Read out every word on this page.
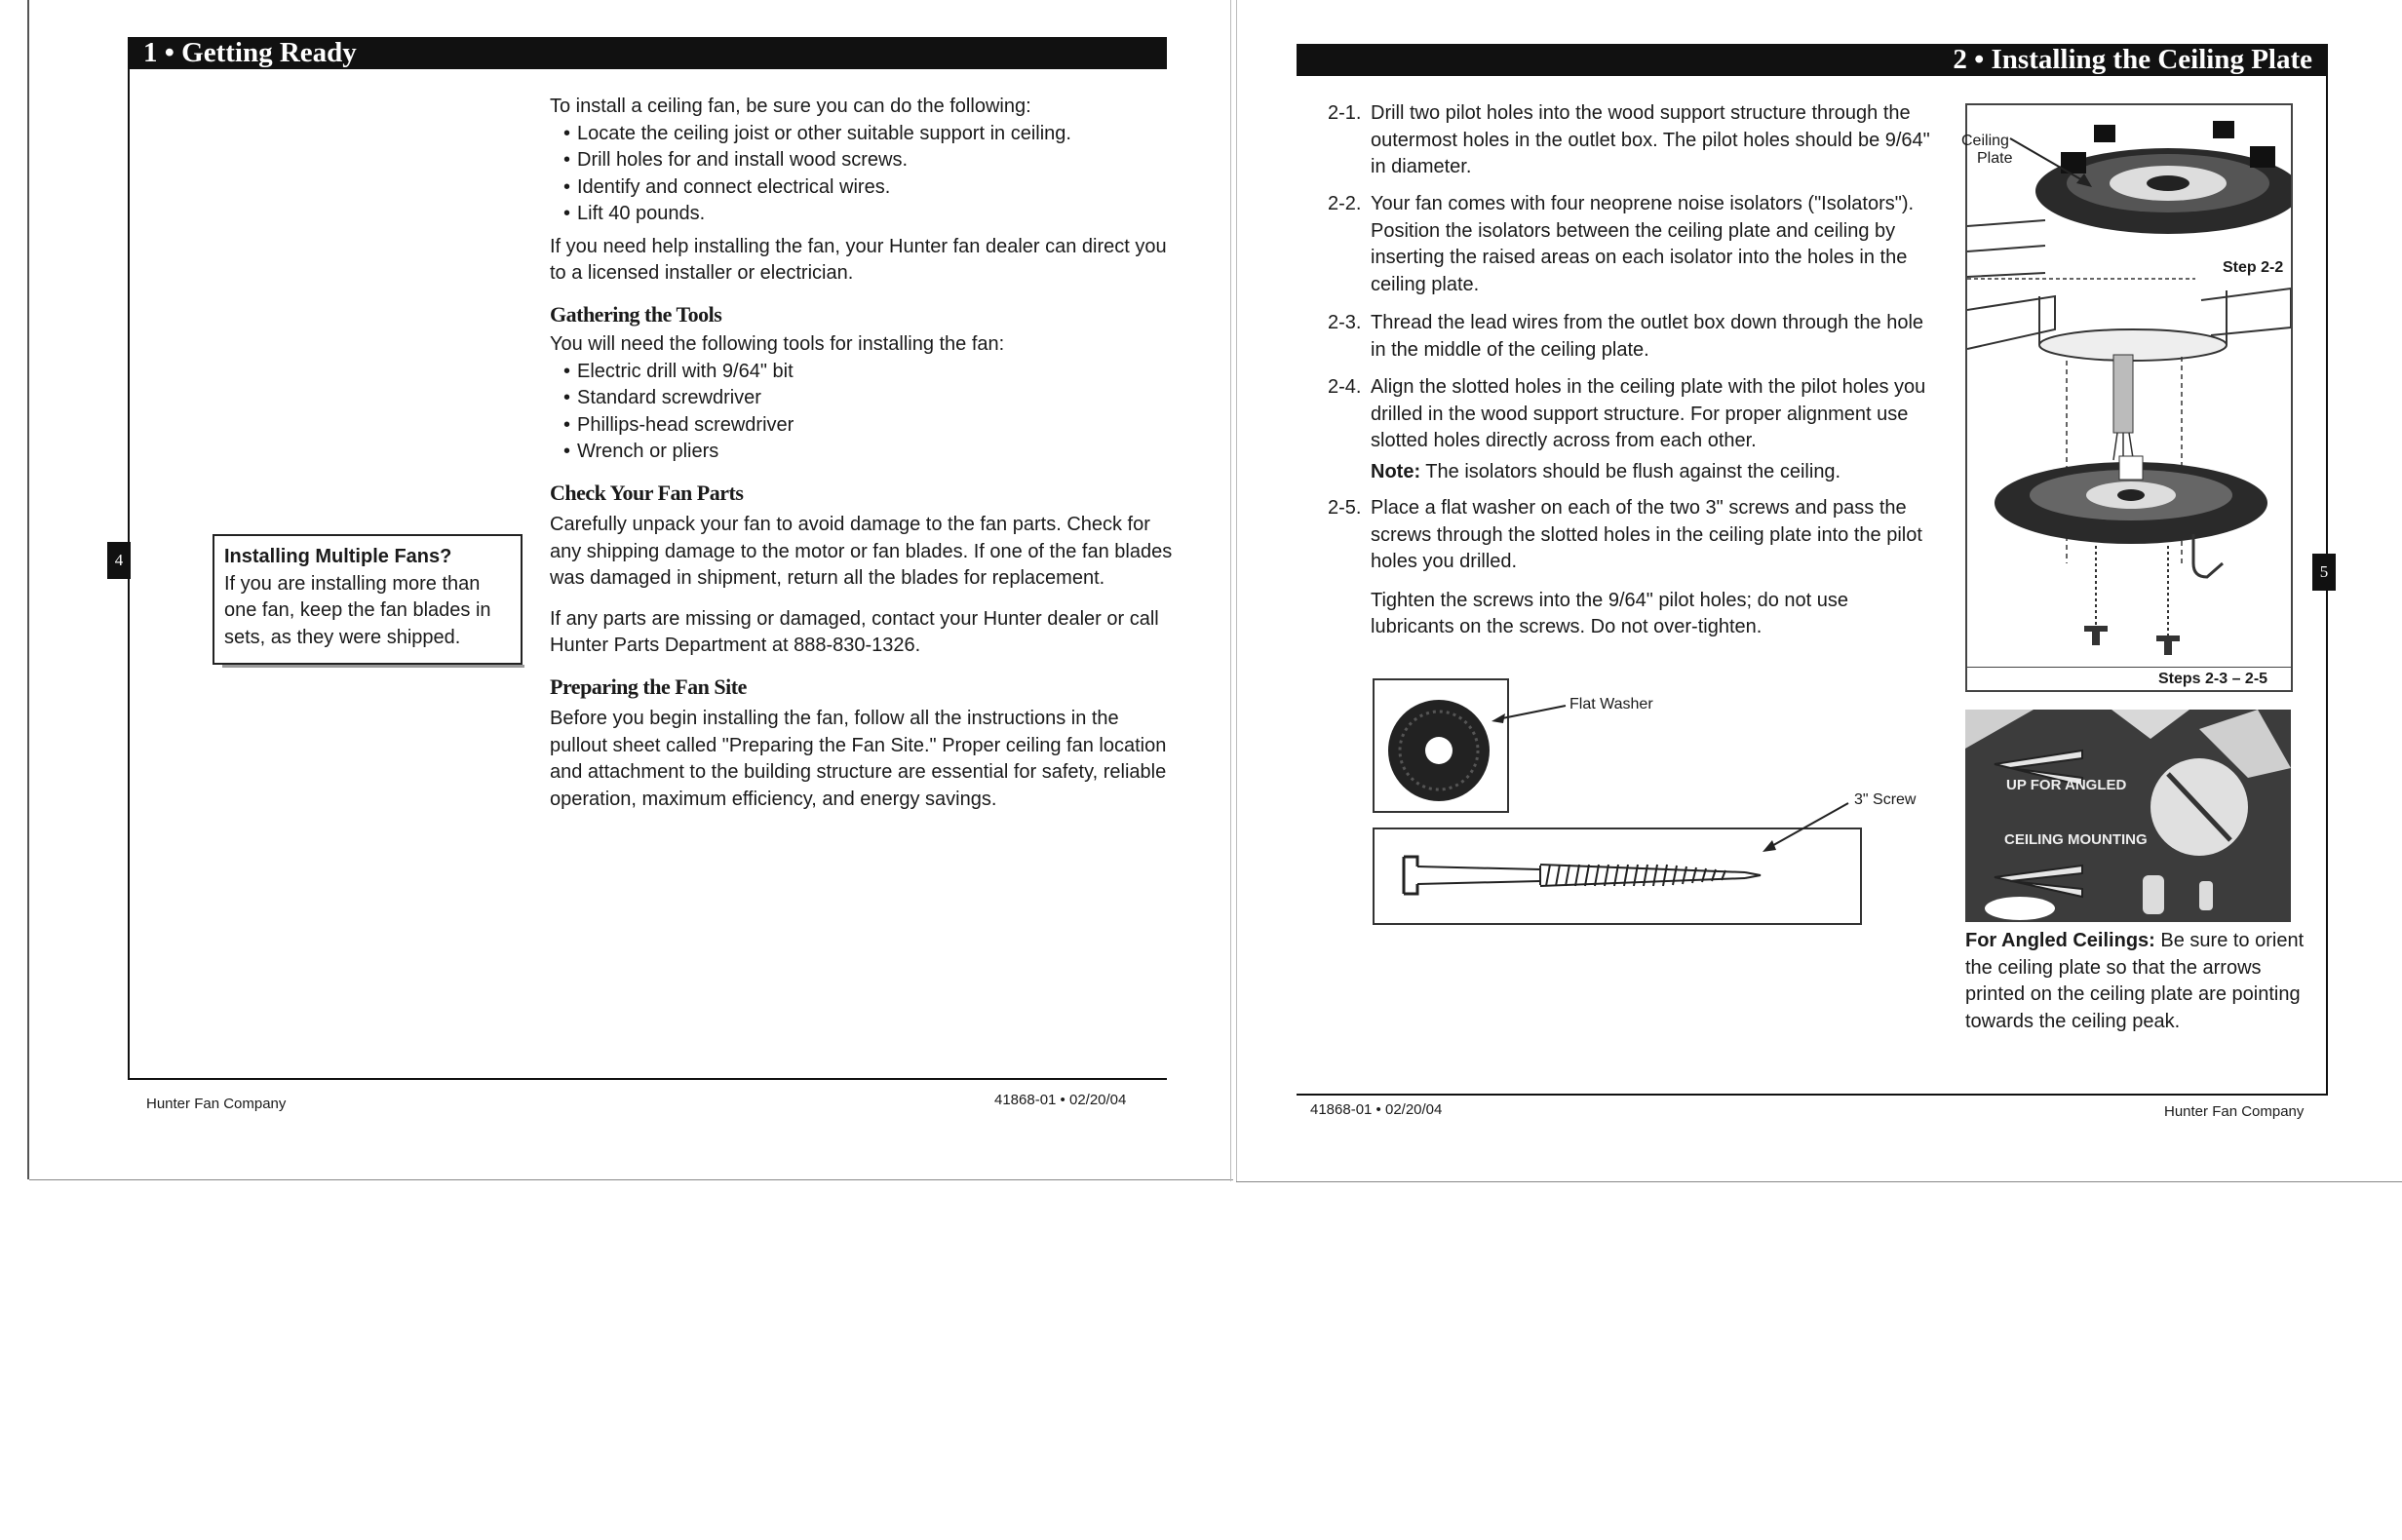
1 • Getting Ready
To install a ceiling fan, be sure you can do the following:
• Locate the ceiling joist or other suitable support in ceiling.
• Drill holes for and install wood screws.
• Identify and connect electrical wires.
• Lift 40 pounds.
If you need help installing the fan, your Hunter fan dealer can direct you to a licensed installer or electrician.
Gathering the Tools
You will need the following tools for installing the fan:
• Electric drill with 9/64" bit
• Standard screwdriver
• Phillips-head screwdriver
• Wrench or pliers
Check Your Fan Parts
Carefully unpack your fan to avoid damage to the fan parts. Check for any shipping damage to the motor or fan blades. If one of the fan blades was damaged in shipment, return all the blades for replacement.
If any parts are missing or damaged, contact your Hunter dealer or call Hunter Parts Department at 888-830-1326.
Preparing the Fan Site
Before you begin installing the fan, follow all the instructions in the pullout sheet called "Preparing the Fan Site." Proper ceiling fan location and attachment to the building structure are essential for safety, reliable operation, maximum efficiency, and energy savings.
Installing Multiple Fans?
If you are installing more than one fan, keep the fan blades in sets, as they were shipped.
4
Hunter Fan Company	41868-01 • 02/20/04
2 • Installing the Ceiling Plate
2-1. Drill two pilot holes into the wood support structure through the outermost holes in the outlet box. The pilot holes should be 9/64" in diameter.
2-2. Your fan comes with four neoprene noise isolators ("Isolators"). Position the isolators between the ceiling plate and ceiling by inserting the raised areas on each isolator into the holes in the ceiling plate.
2-3. Thread the lead wires from the outlet box down through the hole in the middle of the ceiling plate.
2-4. Align the slotted holes in the ceiling plate with the pilot holes you drilled in the wood support structure. For proper alignment use slotted holes directly across from each other.
Note: The isolators should be flush against the ceiling.
2-5. Place a flat washer on each of the two 3" screws and pass the screws through the slotted holes in the ceiling plate into the pilot holes you drilled.
Tighten the screws into the 9/64" pilot holes; do not use lubricants on the screws. Do not over-tighten.
Flat Washer
3" Screw
Ceiling
Plate
Step 2-2
Steps 2-3 – 2-5
UP FOR ANGLED
CEILING MOUNTING
For Angled Ceilings: Be sure to orient the ceiling plate so that the arrows printed on the ceiling plate are pointing towards the ceiling peak.
5
41868-01 • 02/20/04	Hunter Fan Company
